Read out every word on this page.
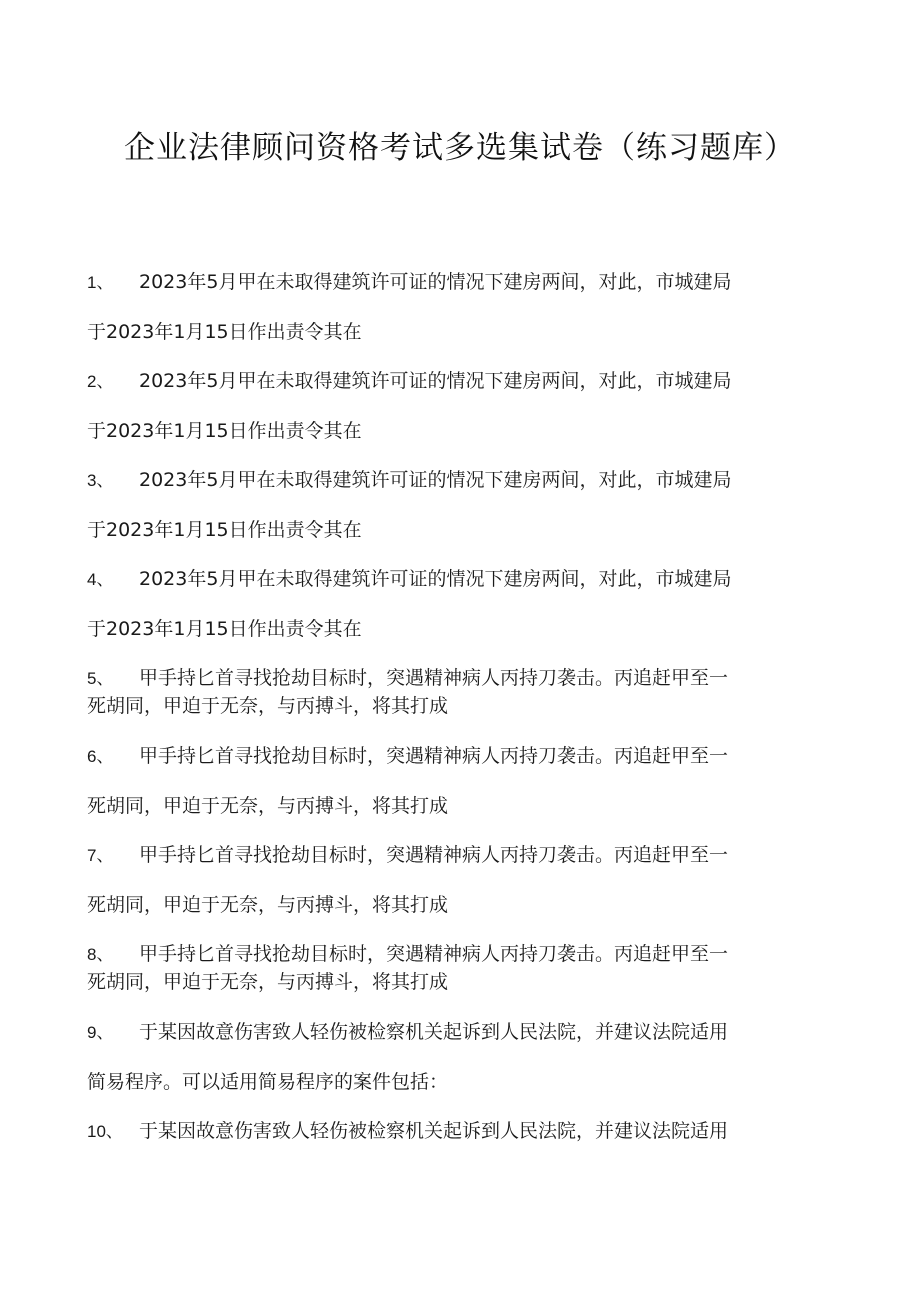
企业法律顾问资格考试多选集试卷（练习题库）
1、 2023年5月甲在未取得建筑许可证的情况下建房两间，对此，市城建局
于2023年1月15日作出责令其在
2、 2023年5月甲在未取得建筑许可证的情况下建房两间，对此，市城建局
于2023年1月15日作出责令其在
3、 2023年5月甲在未取得建筑许可证的情况下建房两间，对此，市城建局
于2023年1月15日作出责令其在
4、 2023年5月甲在未取得建筑许可证的情况下建房两间，对此，市城建局
于2023年1月15日作出责令其在
5、 甲手持匕首寻找抢劫目标时，突遇精神病人丙持刀袭击。丙追赶甲至一
死胡同，甲迫于无奈，与丙搏斗，将其打成
6、 甲手持匕首寻找抢劫目标时，突遇精神病人丙持刀袭击。丙追赶甲至一
死胡同，甲迫于无奈，与丙搏斗，将其打成
7、 甲手持匕首寻找抢劫目标时，突遇精神病人丙持刀袭击。丙追赶甲至一
死胡同，甲迫于无奈，与丙搏斗，将其打成
8、 甲手持匕首寻找抢劫目标时，突遇精神病人丙持刀袭击。丙追赶甲至一
死胡同，甲迫于无奈，与丙搏斗，将其打成
9、 于某因故意伤害致人轻伤被检察机关起诉到人民法院，并建议法院适用
简易程序。可以适用简易程序的案件包括：
10、 于某因故意伤害致人轻伤被检察机关起诉到人民法院，并建议法院适用
